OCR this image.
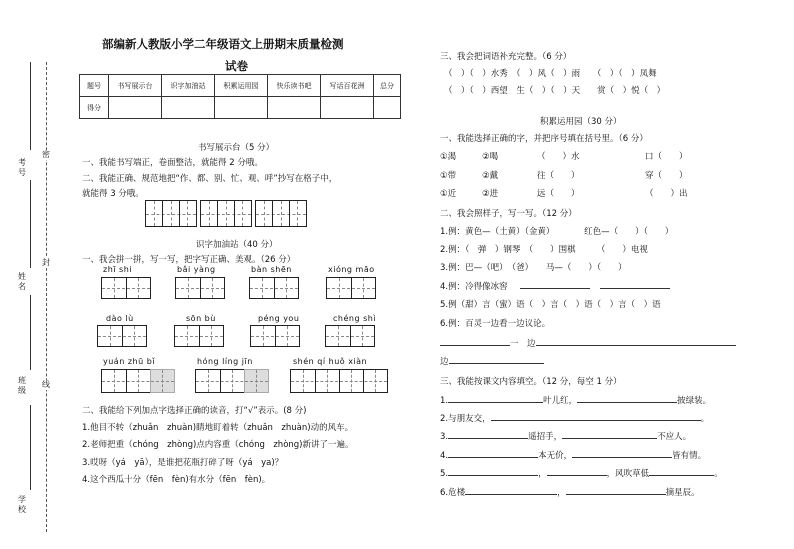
密
封
线
考号
姓名
班级
学校
部编新人教版小学二年级语文上册期末质量检测
试卷
题号	书写展示台	识字加油站	积累运用园	快乐读书吧	写话百花洲	总分
得分						
书写展示台（5 分）
一、我能书写端正，卷面整洁，就能得 2 分哦。
二、我能正确、规范地把“作、都、别、忙、观、呼”抄写在格子中，
就能得 3 分哦。
识字加油站（40 分）
一、我会拼一拼，写一写，把字写正确、美观。（26 分）
zhī shi	bǎi yàng	bàn shēn	xióng māo
dào lù	sōn bù	péng you	chéng shì
yuán zhū bǐ	hóng líng jīn	shén qí huǒ xiàn
二、我能给下列加点字选择正确的读音，打“√”表示。(8 分)
1.他目不转（zhuǎn　zhuàn)睛地盯着转（zhuǎn　zhuàn)动的风车。
2.老师把重（chóng　zhòng)点内容重（chóng　zhòng)新讲了一遍。
3.哎呀（yá　yā），是谁把花瓶打碎了呀（yá　ya)？
4.这个西瓜十分（fēn　fèn)有水分（fēn　fèn)。
三、我会把词语补充完整。（6 分）
（　）（　）水秀　（　）风（　）雨　　（　）（　）凤舞
（　）（　）西望　 生（　）（　）天　　 赏（　）悦（　）
积累运用园（30 分）
一、我能选择正确的字，并把序号填在括号里。（6 分）
①渴	②喝	（　　）水	口（　　）
①带	②戴	往（　　）	穿（　　）
①近	②进	远（　　）	（　　）出
二、我会照样子，写一写。（12 分）
1.例：黄色—（土黄）（金黄）　　　　红色—（　　）（　　）
2.例：（　弹　）钢琴　（　　）围棋　　　（　　）电视
3.例：巴—（吧）　（爸）　　马—（　　）（　　）
4.例：冷得像冰窖
5.例（甜）言（蜜）语（　）言（　）语（　）言（　）语
6.例：百灵一边看一边议论。
一　边
边
三、我能按课文内容填空。（12 分，每空 1 分）
1.	叶儿红，	披绿装。
2.与朋友交，	。
3.	遥招手，	不应人。
4.	本无价，	皆有情。
5.	，	，风吹草低	。
6.危楼	，	摘星辰。
